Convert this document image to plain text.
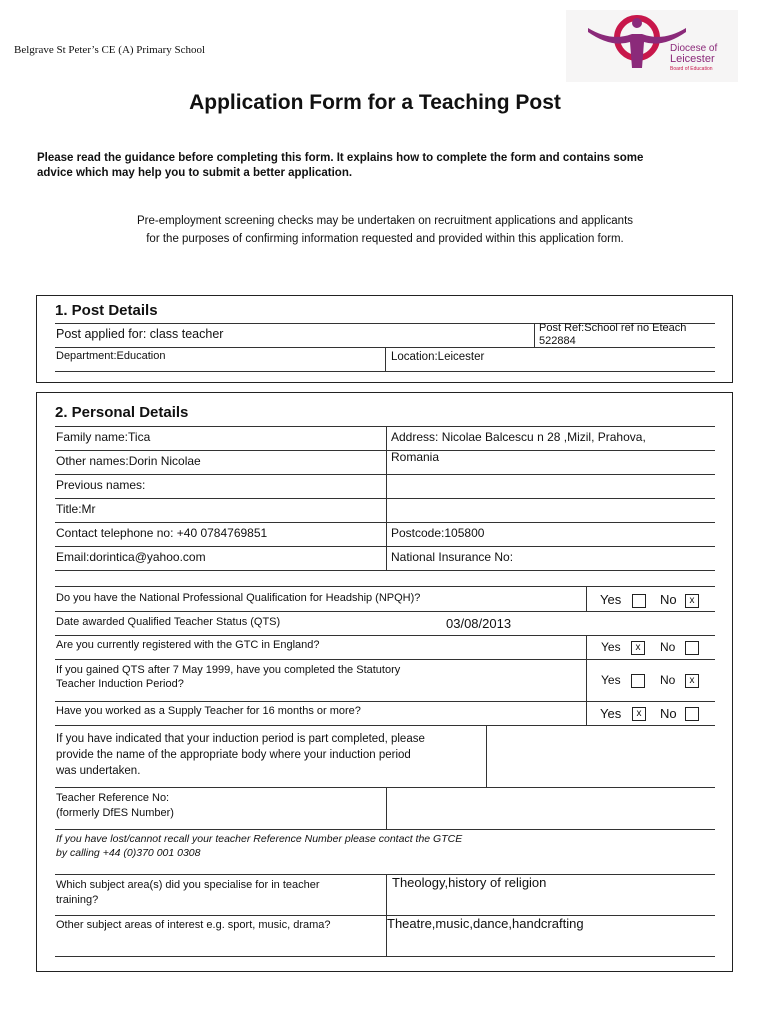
Belgrave St Peter’s CE (A) Primary School	Diocese of
Leicester
Board of Education
Application Form for a Teaching Post
Please read the guidance before completing this form. It explains how to complete the form and contains some
advice which may help you to submit a better application.
Pre-employment screening checks may be undertaken on recruitment applications and applicants
for the purposes of confirming information requested and provided within this application form.
1. Post Details
Post applied for: class teacher	Post Ref:School ref no Eteach
522884
Department:Education	Location:Leicester
2. Personal Details
Family name:Tica	Address: Nicolae Balcescu n 28 ,Mizil, Prahova,
Romania
Other names:Dorin Nicolae
Previous names:
Title:Mr
Contact telephone no: +40 0784769851	Postcode:105800
Email:dorintica@yahoo.com	National Insurance No:
Do you have the National Professional Qualification for Headship (NPQH)?	Yes	No	x
Date awarded Qualified Teacher Status (QTS)	03/08/2013
Are you currently registered with the GTC in England?	Yes	x	No
If you gained QTS after 7 May 1999, have you completed the Statutory
Teacher Induction Period?	Yes	No	x
Have you worked as a Supply Teacher for 16 months or more?	Yes	x	No
If you have indicated that your induction period is part completed, please
provide the name of the appropriate body where your induction period
was undertaken.
Teacher Reference No:
(formerly DfES Number)
If you have lost/cannot recall your teacher Reference Number please contact the GTCE
by calling +44 (0)370 001 0308
Which subject area(s) did you specialise for in teacher
training?
Theology,history of religion
Other subject areas of interest e.g. sport, music, drama?	Theatre,music,dance,handcrafting
